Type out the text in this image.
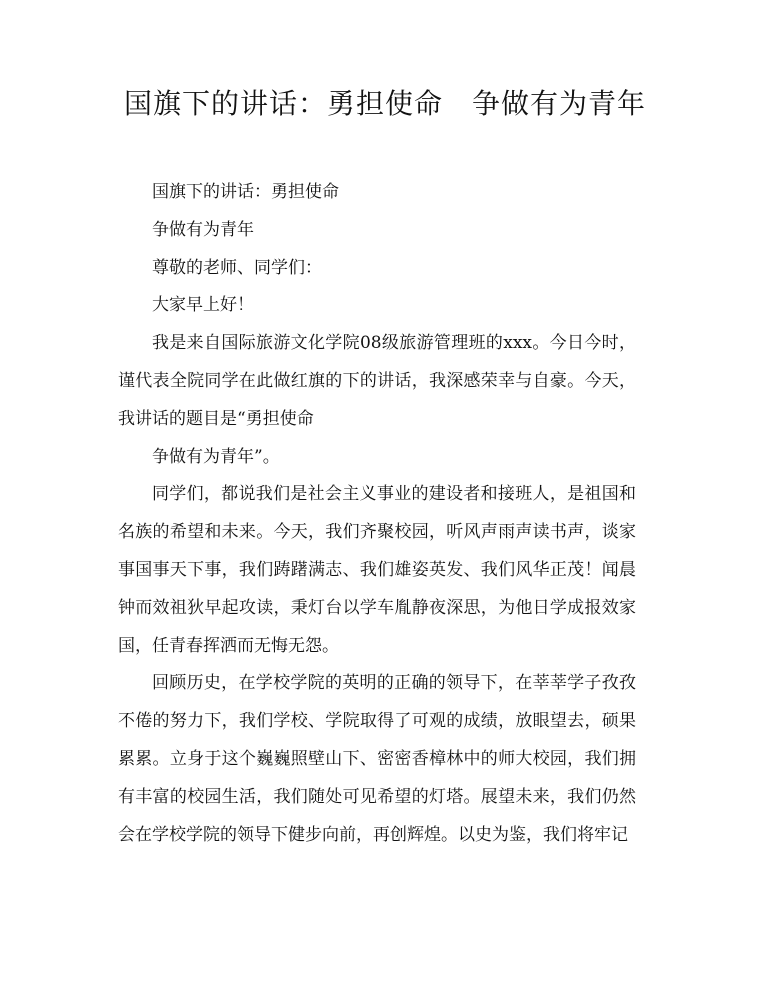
国旗下的讲话：勇担使命　争做有为青年

国旗下的讲话：勇担使命

争做有为青年

尊敬的老师、同学们：

大家早上好！

我是来自国际旅游文化学院08级旅游管理班的xxx。今日今时，谨代表全院同学在此做红旗的下的讲话，我深感荣幸与自豪。今天，我讲话的题目是“勇担使命

争做有为青年”。

同学们，都说我们是社会主义事业的建设者和接班人，是祖国和名族的希望和未来。今天，我们齐聚校园，听风声雨声读书声，谈家事国事天下事，我们踌躇满志、我们雄姿英发、我们风华正茂！闻晨钟而效祖狄早起攻读，秉灯台以学车胤静夜深思，为他日学成报效家国，任青春挥洒而无悔无怨。

回顾历史，在学校学院的英明的正确的领导下，在莘莘学子孜孜不倦的努力下，我们学校、学院取得了可观的成绩，放眼望去，硕果累累。立身于这个巍巍照壁山下、密密香樟林中的师大校园，我们拥有丰富的校园生活，我们随处可见希望的灯塔。展望未来，我们仍然会在学校学院的领导下健步向前，再创辉煌。以史为鉴，我们将牢记
